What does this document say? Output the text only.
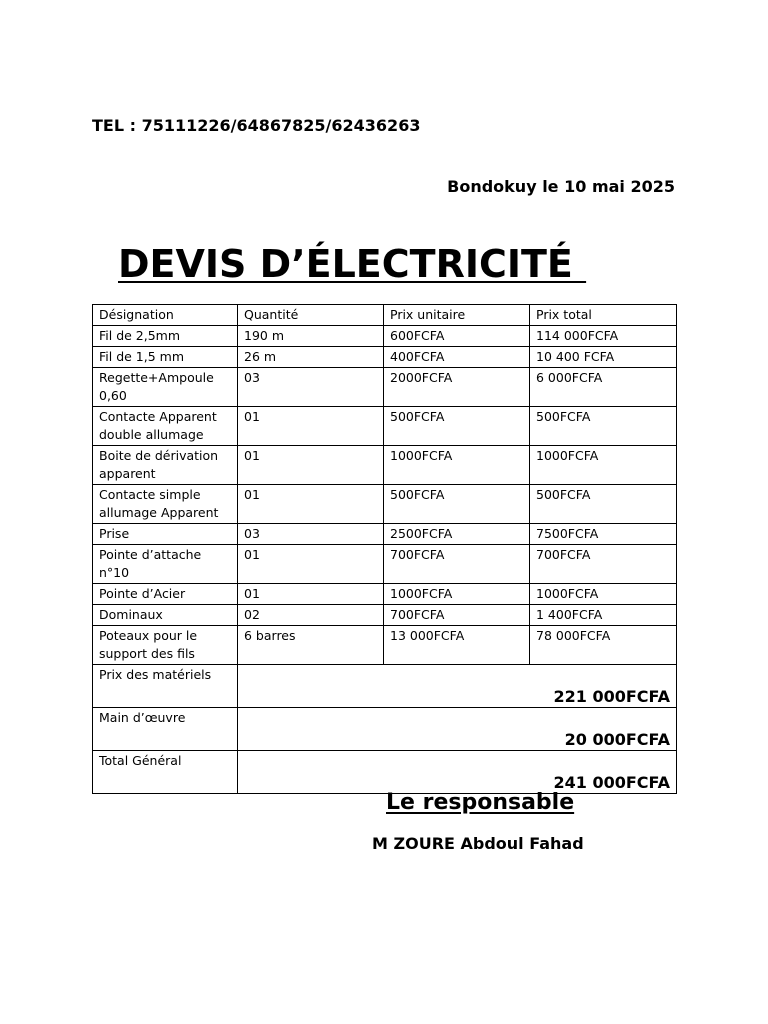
TEL : 75111226/64867825/62436263
Bondokuy le 10 mai 2025
DEVIS D’ÉLECTRICITÉ
Désignation	Quantité	Prix unitaire	Prix total
Fil de 2,5mm	190 m	600FCFA	114 000FCFA
Fil de 1,5 mm	26 m	400FCFA	10 400 FCFA
Regette+Ampoule 0,60	03	2000FCFA	6 000FCFA
Contacte Apparent double allumage	01	500FCFA	500FCFA
Boite de dérivation apparent	01	1000FCFA	1000FCFA
Contacte simple allumage Apparent	01	500FCFA	500FCFA
Prise	03	2500FCFA	7500FCFA
Pointe d’attache n°10	01	700FCFA	700FCFA
Pointe d’Acier	01	1000FCFA	1000FCFA
Dominaux	02	700FCFA	1 400FCFA
Poteaux pour le support des fils	6 barres	13 000FCFA	78 000FCFA
Prix des matériels	221 000FCFA		
Main d’œuvre	20 000FCFA		
Total Général	241 000FCFA		
Le responsable
M ZOURE Abdoul Fahad
